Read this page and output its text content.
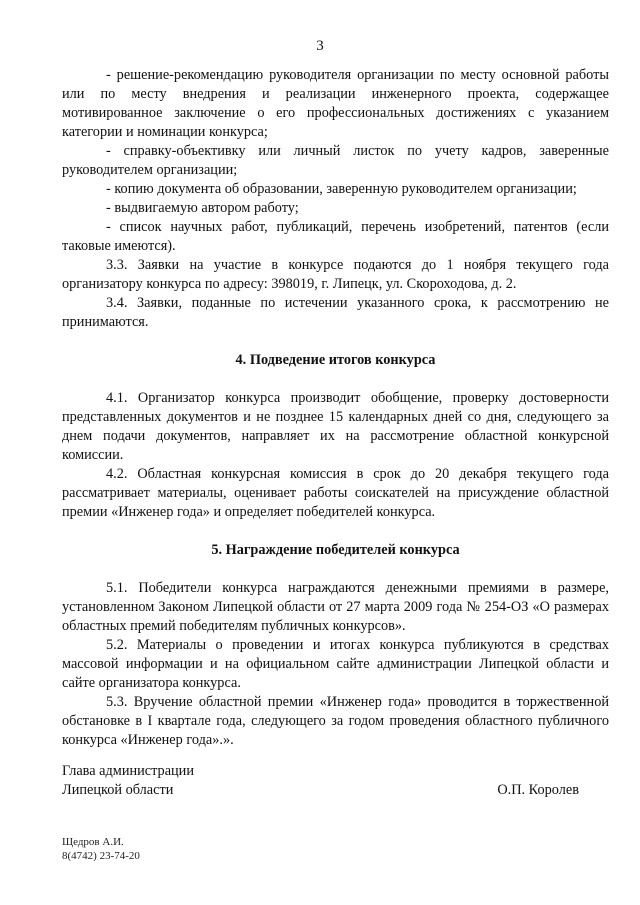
3

- решение-рекомендацию руководителя организации по месту основной работы или по месту внедрения и реализации инженерного проекта, содержащее мотивированное заключение о его профессиональных достижениях с указанием категории и номинации конкурса;

- справку-объективку или личный листок по учету кадров, заверенные руководителем организации;

- копию документа об образовании, заверенную руководителем организации;

- выдвигаемую автором работу;

- список научных работ, публикаций, перечень изобретений, патентов (если таковые имеются).

3.3. Заявки на участие в конкурсе подаются до 1 ноября текущего года организатору конкурса по адресу: 398019, г. Липецк, ул. Скороходова, д. 2.

3.4. Заявки, поданные по истечении указанного срока, к рассмотрению не принимаются.

4. Подведение итогов конкурса

4.1. Организатор конкурса производит обобщение, проверку достоверности представленных документов и не позднее 15 календарных дней со дня, следующего за днем подачи документов, направляет их на рассмотрение областной конкурсной комиссии.

4.2. Областная конкурсная комиссия в срок до 20 декабря текущего года рассматривает материалы, оценивает работы соискателей на присуждение областной премии «Инженер года» и определяет победителей конкурса.

5. Награждение победителей конкурса

5.1. Победители конкурса награждаются денежными премиями в размере, установленном Законом Липецкой области от 27 марта 2009 года № 254-ОЗ «О размерах областных премий победителям публичных конкурсов».

5.2. Материалы о проведении и итогах конкурса публикуются в средствах массовой информации и на официальном сайте администрации Липецкой области и сайте организатора конкурса.

5.3. Вручение областной премии «Инженер года» проводится в торжественной обстановке в I квартале года, следующего за годом проведения областного публичного конкурса «Инженер года».».

Глава администрации
Липецкой области	О.П. Королев
Щедров А.И.
8(4742) 23-74-20
